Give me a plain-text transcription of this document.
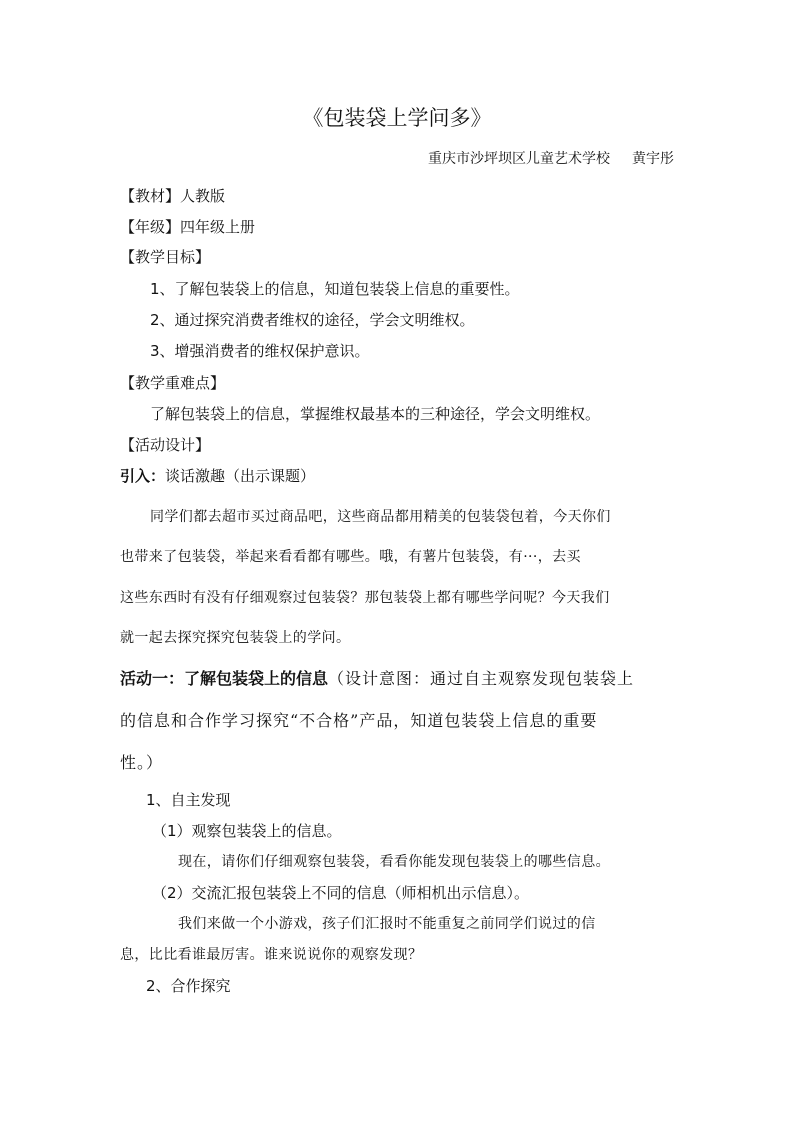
《包装袋上学问多》
重庆市沙坪坝区儿童艺术学校 黄宇彤
【教材】人教版
【年级】四年级上册
【教学目标】
1、了解包装袋上的信息，知道包装袋上信息的重要性。
2、通过探究消费者维权的途径，学会文明维权。
3、增强消费者的维权保护意识。
【教学重难点】
了解包装袋上的信息，掌握维权最基本的三种途径，学会文明维权。
【活动设计】
引入：谈话激趣（出示课题）
同学们都去超市买过商品吧，这些商品都用精美的包装袋包着，今天你们
也带来了包装袋，举起来看看都有哪些。哦，有薯片包装袋，有···，去买
这些东西时有没有仔细观察过包装袋？那包装袋上都有哪些学问呢？今天我们
就一起去探究探究包装袋上的学问。
活动一：了解包装袋上的信息（设计意图：通过自主观察发现包装袋上
的信息和合作学习探究“不合格”产品，知道包装袋上信息的重要
性。）
1、自主发现
（1）观察包装袋上的信息。
现在，请你们仔细观察包装袋，看看你能发现包装袋上的哪些信息。
（2）交流汇报包装袋上不同的信息（师相机出示信息）。
我们来做一个小游戏，孩子们汇报时不能重复之前同学们说过的信
息，比比看谁最厉害。谁来说说你的观察发现？
2、合作探究
